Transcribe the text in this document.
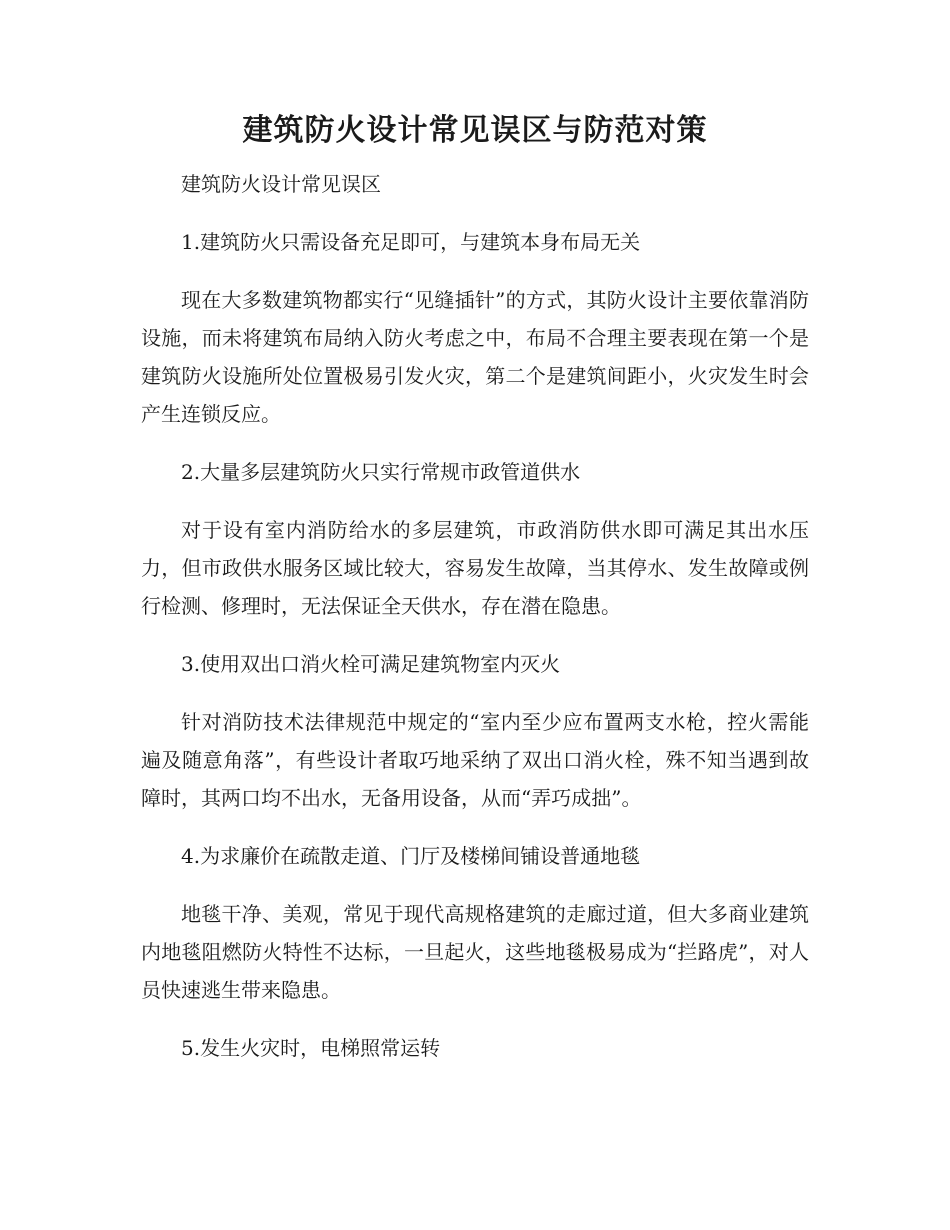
建筑防火设计常见误区与防范对策

建筑防火设计常见误区

1.建筑防火只需设备充足即可，与建筑本身布局无关

现在大多数建筑物都实行“见缝插针”的方式，其防火设计主要依靠消防设施，而未将建筑布局纳入防火考虑之中，布局不合理主要表现在第一个是建筑防火设施所处位置极易引发火灾，第二个是建筑间距小，火灾发生时会产生连锁反应。

2.大量多层建筑防火只实行常规市政管道供水

对于设有室内消防给水的多层建筑，市政消防供水即可满足其出水压力，但市政供水服务区域比较大，容易发生故障，当其停水、发生故障或例行检测、修理时，无法保证全天供水，存在潜在隐患。

3.使用双出口消火栓可满足建筑物室内灭火

针对消防技术法律规范中规定的“室内至少应布置两支水枪，控火需能遍及随意角落”，有些设计者取巧地采纳了双出口消火栓，殊不知当遇到故障时，其两口均不出水，无备用设备，从而“弄巧成拙”。

4.为求廉价在疏散走道、门厅及楼梯间铺设普通地毯

地毯干净、美观，常见于现代高规格建筑的走廊过道，但大多商业建筑内地毯阻燃防火特性不达标，一旦起火，这些地毯极易成为“拦路虎”，对人员快速逃生带来隐患。

5.发生火灾时，电梯照常运转
